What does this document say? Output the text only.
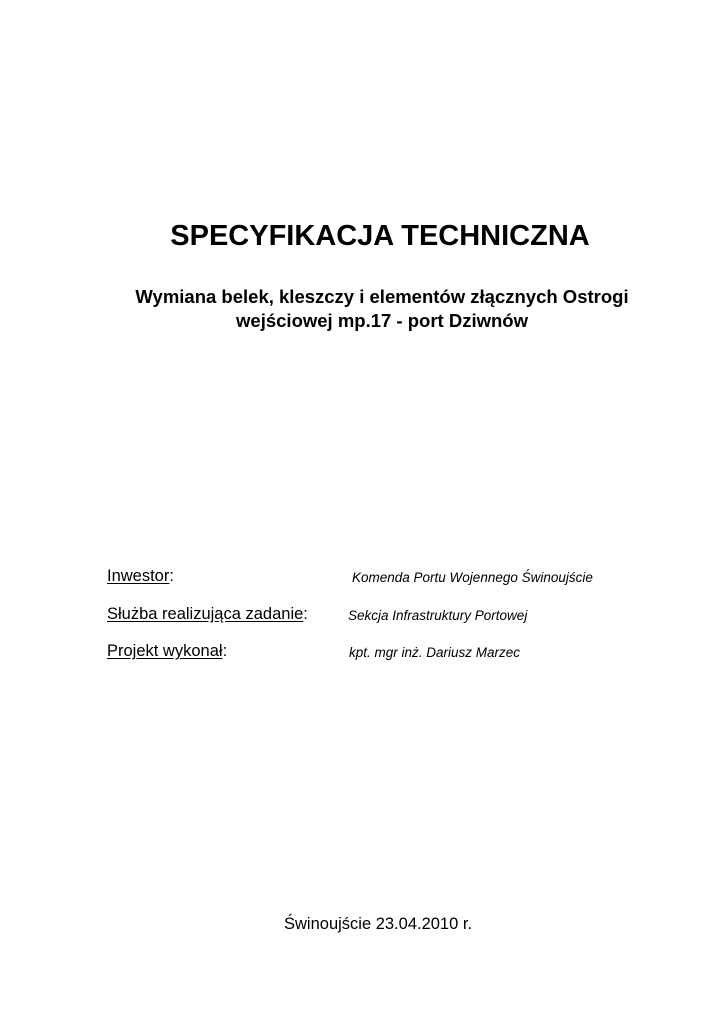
SPECYFIKACJA TECHNICZNA
Wymiana belek, kleszczy i elementów złącznych Ostrogi
wejściowej mp.17 - port Dziwnów
Inwestor:	Komenda Portu Wojennego Świnoujście
Służba realizująca zadanie:	Sekcja Infrastruktury Portowej
Projekt wykonał:	kpt. mgr inż. Dariusz Marzec
Świnoujście 23.04.2010 r.
